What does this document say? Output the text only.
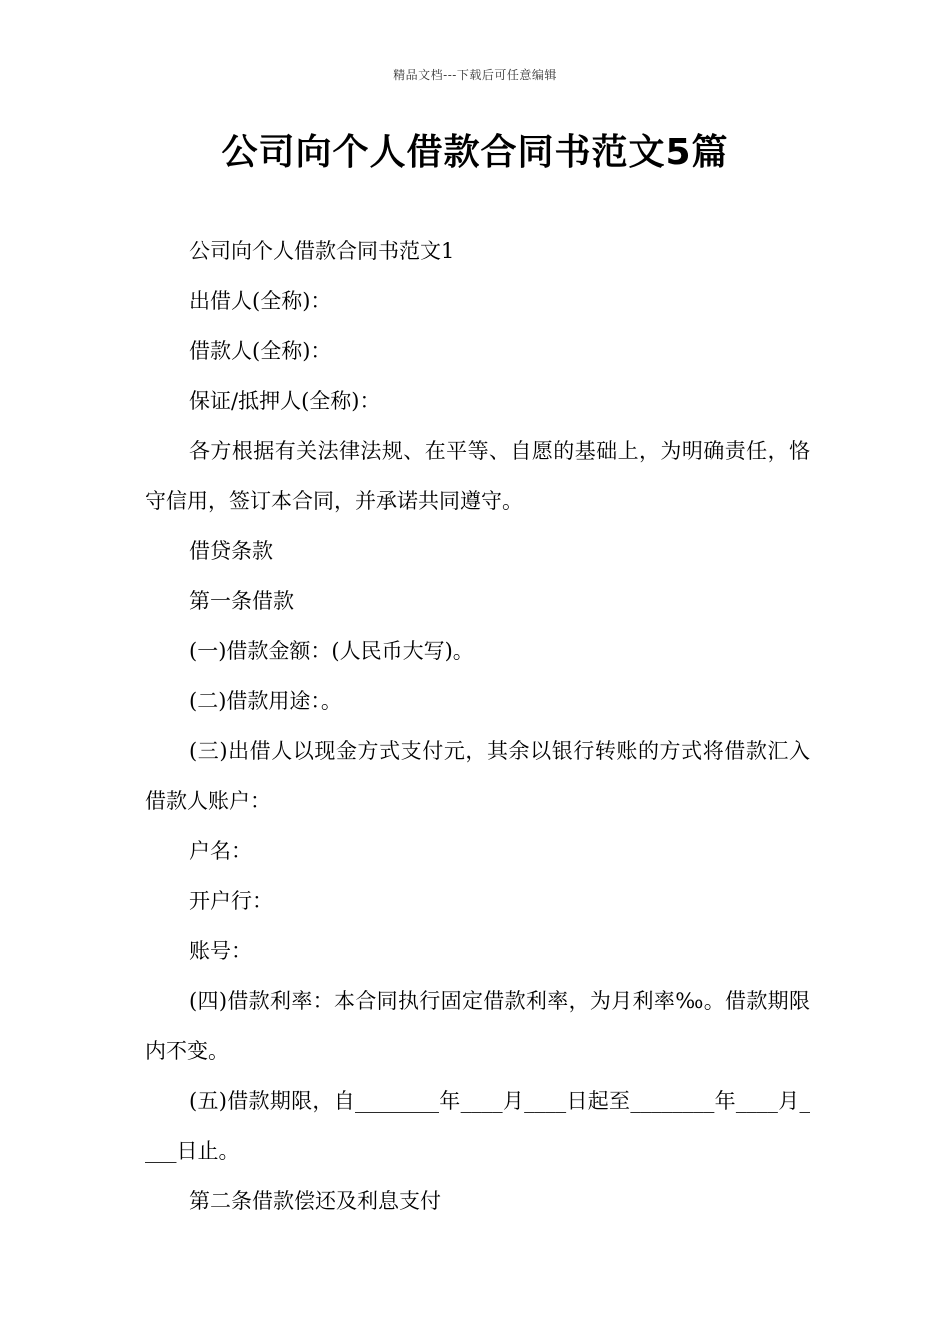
精品文档---下载后可任意编辑
公司向个人借款合同书范文5篇

公司向个人借款合同书范文1

出借人(全称)：

借款人(全称)：

保证/抵押人(全称)：

各方根据有关法律法规、在平等、自愿的基础上，为明确责任，恪守信用，签订本合同，并承诺共同遵守。

借贷条款

第一条借款

(一)借款金额：(人民币大写)。

(二)借款用途：。

(三)出借人以现金方式支付元，其余以银行转账的方式将借款汇入借款人账户：

户名：

开户行：

账号：

(四)借款利率：本合同执行固定借款利率，为月利率‰。借款期限内不变。

(五)借款期限，自________年____月____日起至________年____月____日止。

第二条借款偿还及利息支付
